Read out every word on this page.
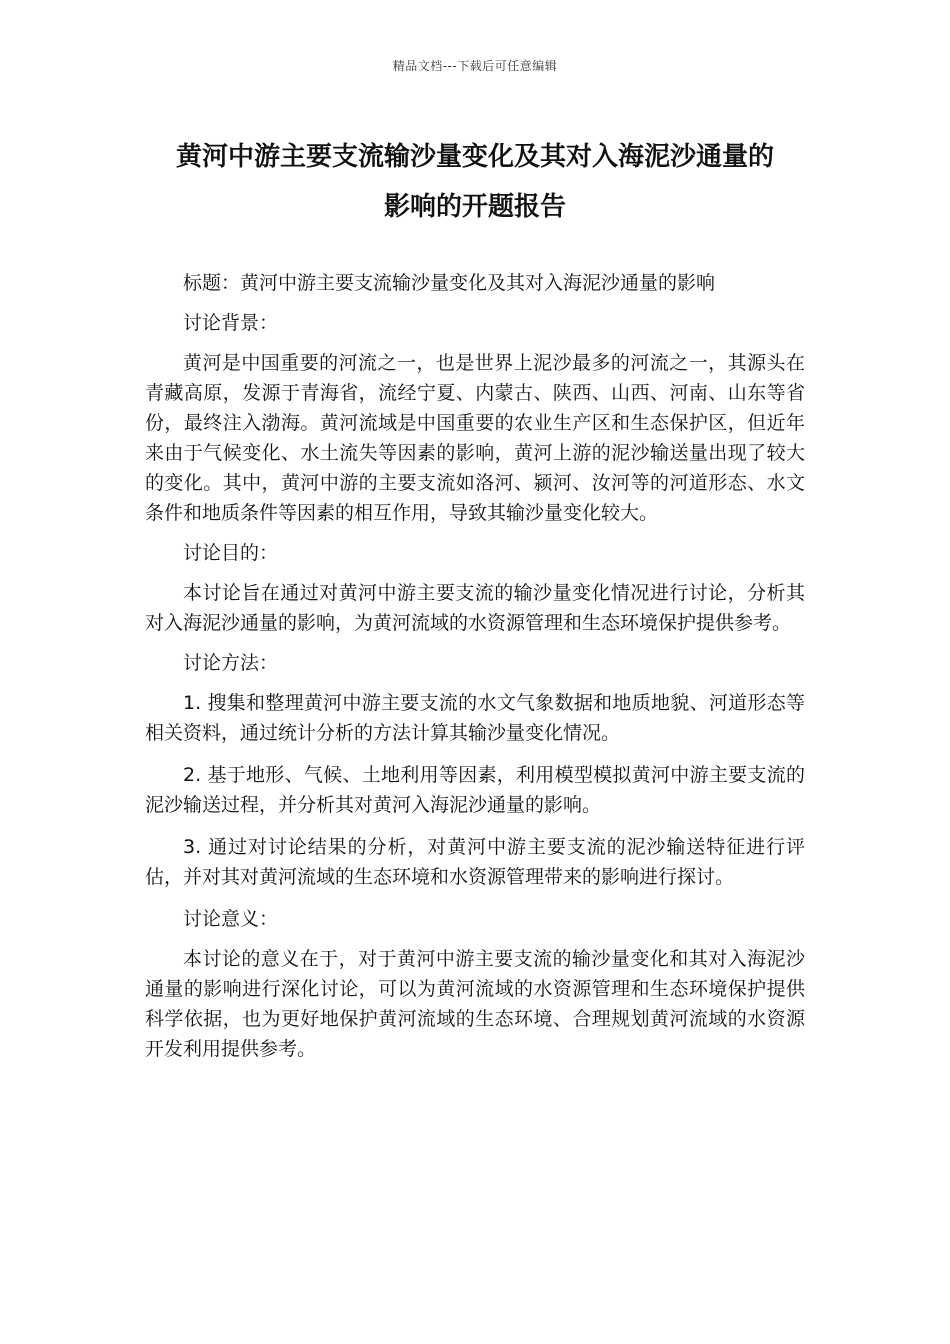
精品文档---下载后可任意编辑
黄河中游主要支流输沙量变化及其对入海泥沙通量的
影响的开题报告

标题：黄河中游主要支流输沙量变化及其对入海泥沙通量的影响

讨论背景：

黄河是中国重要的河流之一，也是世界上泥沙最多的河流之一，其源头在青藏高原，发源于青海省，流经宁夏、内蒙古、陕西、山西、河南、山东等省份，最终注入渤海。黄河流域是中国重要的农业生产区和生态保护区，但近年来由于气候变化、水土流失等因素的影响，黄河上游的泥沙输送量出现了较大的变化。其中，黄河中游的主要支流如洛河、颍河、汝河等的河道形态、水文条件和地质条件等因素的相互作用，导致其输沙量变化较大。

讨论目的：

本讨论旨在通过对黄河中游主要支流的输沙量变化情况进行讨论，分析其对入海泥沙通量的影响，为黄河流域的水资源管理和生态环境保护提供参考。

讨论方法：

1. 搜集和整理黄河中游主要支流的水文气象数据和地质地貌、河道形态等相关资料，通过统计分析的方法计算其输沙量变化情况。

2. 基于地形、气候、土地利用等因素，利用模型模拟黄河中游主要支流的泥沙输送过程，并分析其对黄河入海泥沙通量的影响。

3. 通过对讨论结果的分析，对黄河中游主要支流的泥沙输送特征进行评估，并对其对黄河流域的生态环境和水资源管理带来的影响进行探讨。

讨论意义：

本讨论的意义在于，对于黄河中游主要支流的输沙量变化和其对入海泥沙通量的影响进行深化讨论，可以为黄河流域的水资源管理和生态环境保护提供科学依据，也为更好地保护黄河流域的生态环境、合理规划黄河流域的水资源开发利用提供参考。
